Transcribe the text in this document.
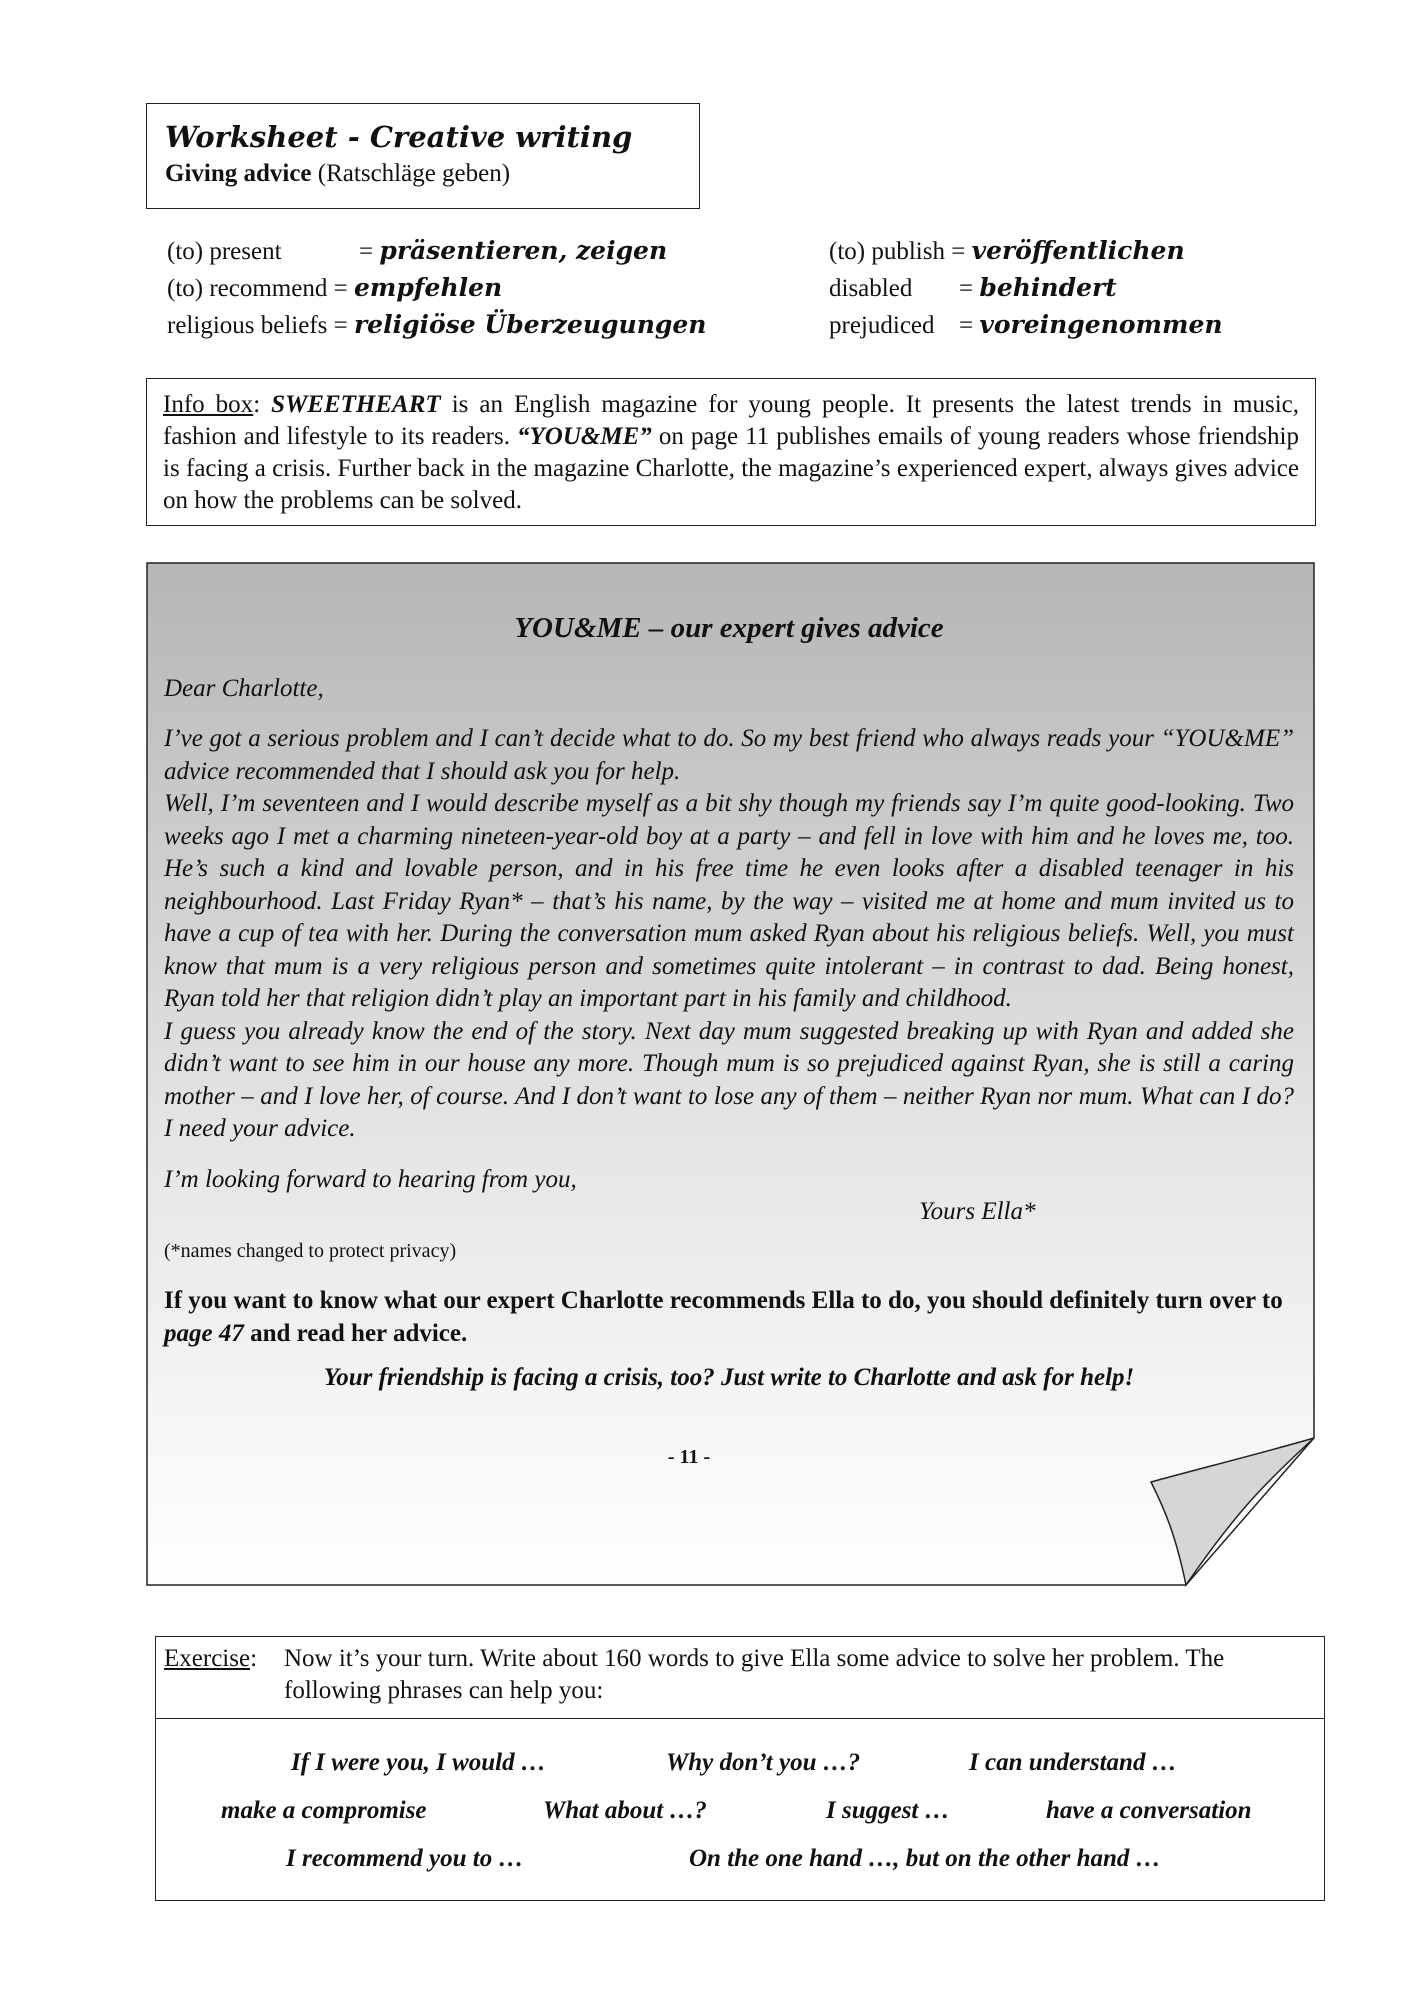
Worksheet - Creative writing
Giving advice (Ratschläge geben)
(to) present	= präsentieren, zeigen
(to) recommend = empfehlen
religious beliefs = religiöse Überzeugungen
(to) publish = veröffentlichen
disabled = behindert
prejudiced = voreingenommen
Info box: SWEETHEART is an English magazine for young people. It presents the latest trends in music, fashion and lifestyle to its readers. “YOU&ME” on page 11 publishes emails of young readers whose friendship is facing a crisis. Further back in the magazine Charlotte, the magazine’s experienced expert, always gives advice on how the problems can be solved.
YOU&ME – our expert gives advice

Dear Charlotte,

I’ve got a serious problem and I can’t decide what to do. So my best friend who always reads your “YOU&ME” advice recommended that I should ask you for help.

Well, I’m seventeen and I would describe myself as a bit shy though my friends say I’m quite good-looking. Two weeks ago I met a charming nineteen-year-old boy at a party – and fell in love with him and he loves me, too. He’s such a kind and lovable person, and in his free time he even looks after a disabled teenager in his neighbourhood. Last Friday Ryan* – that’s his name, by the way – visited me at home and mum invited us to have a cup of tea with her. During the conversation mum asked Ryan about his religious beliefs. Well, you must know that mum is a very religious person and sometimes quite intolerant – in contrast to dad. Being honest, Ryan told her that religion didn’t play an important part in his family and childhood.

I guess you already know the end of the story. Next day mum suggested breaking up with Ryan and added she didn’t want to see him in our house any more. Though mum is so prejudiced against Ryan, she is still a caring mother – and I love her, of course. And I don’t want to lose any of them – neither Ryan nor mum. What can I do? I need your advice.

I’m looking forward to hearing from you,

Yours Ella*

(*names changed to protect privacy)

If you want to know what our expert Charlotte recommends Ella to do, you should definitely turn over to page 47 and read her advice.

Your friendship is facing a crisis, too? Just write to Charlotte and ask for help!

- 11 -

Exercise: Now it’s your turn. Write about 160 words to give Ella some advice to solve her problem. The following phrases can help you:
If I were you, I would …	Why don’t you …?	I can understand …
make a compromise	What about …?	I suggest …	have a conversation
I recommend you to …	On the one hand …, but on the other hand …
